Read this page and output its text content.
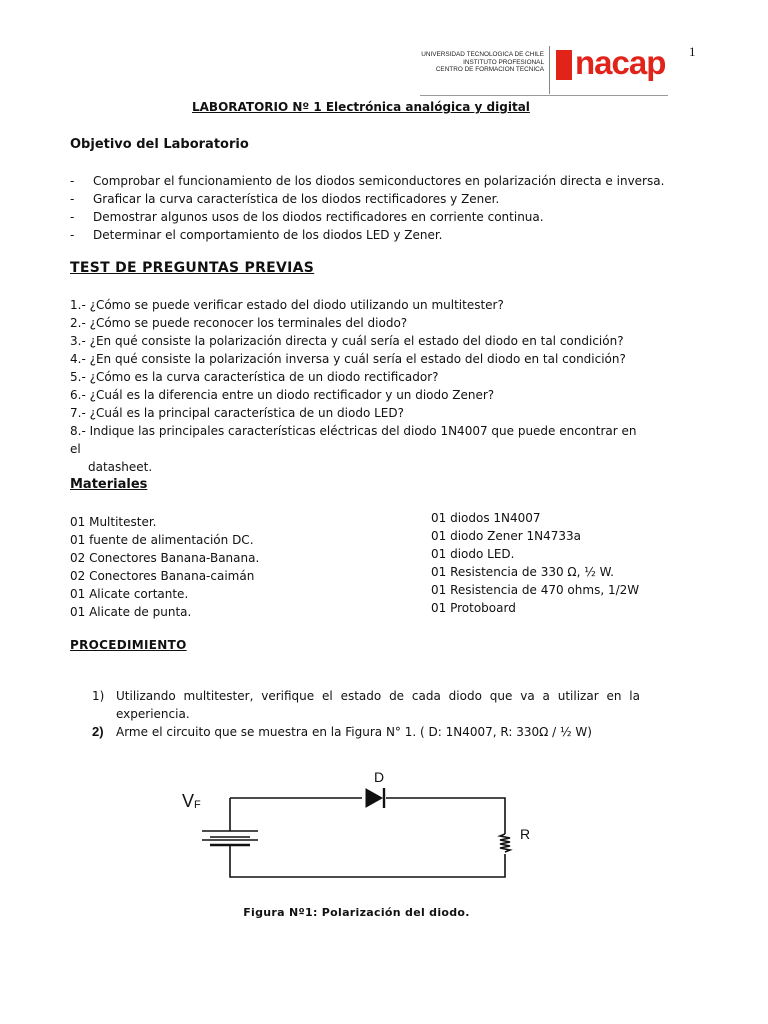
1
UNIVERSIDAD TECNOLOGICA DE CHILE
INSTITUTO PROFESIONAL
CENTRO DE FORMACION TECNICA nacap
LABORATORIO Nº 1 Electrónica analógica y digital
Objetivo del Laboratorio
-	Comprobar el funcionamiento de los diodos semiconductores en polarización directa e inversa.
-	Graficar la curva característica de los diodos rectificadores y Zener.
-	Demostrar algunos usos de los diodos rectificadores en corriente continua.
-	Determinar el comportamiento de los diodos LED y Zener.
TEST DE PREGUNTAS PREVIAS
1.- ¿Cómo se puede verificar estado del diodo utilizando un multitester?
2.- ¿Cómo se puede reconocer los terminales del diodo?
3.- ¿En qué consiste la polarización directa y cuál sería el estado del diodo en tal condición?
4.- ¿En qué consiste la polarización inversa y cuál sería el estado del diodo en tal condición?
5.- ¿Cómo es la curva característica de un diodo rectificador?
6.- ¿Cuál es la diferencia entre un diodo rectificador y un diodo Zener?
7.- ¿Cuál es la principal característica de un diodo LED?
8.- Indique las principales características eléctricas del diodo 1N4007 que puede encontrar en el
datasheet.
Materiales
01 Multitester.
01 fuente de alimentación DC.
02 Conectores Banana-Banana.
02 Conectores Banana-caimán
01 Alicate cortante.
01 Alicate de punta.
01 diodos 1N4007
01 diodo Zener 1N4733a
01 diodo LED.
01 Resistencia de 330 Ω, ½ W.
01 Resistencia de 470 ohms, 1/2W
01 Protoboard
PROCEDIMIENTO
1) Utilizando multitester, verifique el estado de cada diodo que va a utilizar en la experiencia.
2)	Arme el circuito que se muestra en la Figura N° 1. ( D: 1N4007, R: 330Ω / ½ W)
VF
D
R
Figura Nº1: Polarización del diodo.
